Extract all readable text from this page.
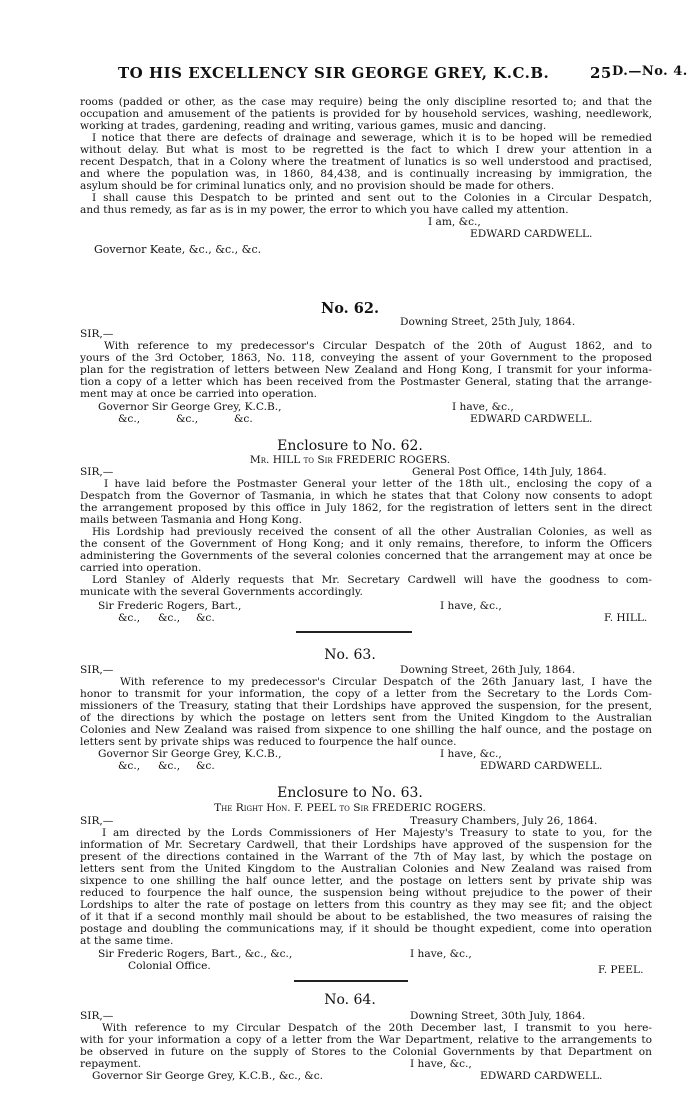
TO HIS EXCELLENCY SIR GEORGE GREY, K.C.B.	25 D.—No. 4.
rooms (padded or other, as the case may require) being the only discipline resorted to; and that the
occupation and amusement of the patients is provided for by household services, washing, needlework,
working at trades, gardening, reading and writing, various games, music and dancing.
I notice that there are defects of drainage and sewerage, which it is to be hoped will be remedied
without delay. But what is most to be regretted is the fact to which I drew your attention in a
recent Despatch, that in a Colony where the treatment of lunatics is so well understood and practised,
and where the population was, in 1860, 84,438, and is continually increasing by immigration, the
asylum should be for criminal lunatics only, and no provision should be made for others.
I shall cause this Despatch to be printed and sent out to the Colonies in a Circular Despatch,
and thus remedy, as far as is in my power, the error to which you have called my attention.
I am, &c.,
EDWARD CARDWELL.
Governor Keate, &c., &c., &c.
No. 62.
Downing Street, 25th July, 1864.
SIR,—
With reference to my predecessor's Circular Despatch of the 20th of August 1862, and to
yours of the 3rd October, 1863, No. 118, conveying the assent of your Government to the proposed
plan for the registration of letters between New Zealand and Hong Kong, I transmit for your informa-
tion a copy of a letter which has been received from the Postmaster General, stating that the arrange-
ment may at once be carried into operation.
Governor Sir George Grey, K.C.B.,	I have, &c.,
&c.,	&c.,	&c.	EDWARD CARDWELL.
Enclosure to No. 62.
Mr. HILL to Sir FREDERIC ROGERS.
SIR,—	General Post Office, 14th July, 1864.
I have laid before the Postmaster General your letter of the 18th ult., enclosing the copy of a
Despatch from the Governor of Tasmania, in which he states that that Colony now consents to adopt
the arrangement proposed by this office in July 1862, for the registration of letters sent in the direct
mails between Tasmania and Hong Kong.
His Lordship had previously received the consent of all the other Australian Colonies, as well as
the consent of the Government of Hong Kong; and it only remains, therefore, to inform the Officers
administering the Governments of the several colonies concerned that the arrangement may at once be
carried into operation.
Lord Stanley of Alderly requests that Mr. Secretary Cardwell will have the goodness to com-
municate with the several Governments accordingly.
Sir Frederic Rogers, Bart.,	I have, &c.,
&c., &c., &c.	F. HILL.
No. 63.
SIR,—	Downing Street, 26th July, 1864.
With reference to my predecessor's Circular Despatch of the 26th January last, I have the
honor to transmit for your information, the copy of a letter from the Secretary to the Lords Com-
missioners of the Treasury, stating that their Lordships have approved the suspension, for the present,
of the directions by which the postage on letters sent from the United Kingdom to the Australian
Colonies and New Zealand was raised from sixpence to one shilling the half ounce, and the postage on
letters sent by private ships was reduced to fourpence the half ounce.
Governor Sir George Grey, K.C.B.,	I have, &c.,
&c., &c., &c.	EDWARD CARDWELL.
Enclosure to No. 63.
The Right Hon. F. PEEL to Sir FREDERIC ROGERS.
SIR,—	Treasury Chambers, July 26, 1864.
I am directed by the Lords Commissioners of Her Majesty's Treasury to state to you, for the
information of Mr. Secretary Cardwell, that their Lordships have approved of the suspension for the
present of the directions contained in the Warrant of the 7th of May last, by which the postage on
letters sent from the United Kingdom to the Australian Colonies and New Zealand was raised from
sixpence to one shilling the half ounce letter, and the postage on letters sent by private ship was
reduced to fourpence the half ounce, the suspension being without prejudice to the power of their
Lordships to alter the rate of postage on letters from this country as they may see fit; and the object
of it that if a second monthly mail should be about to be established, the two measures of raising the
postage and doubling the communications may, if it should be thought expedient, come into operation
at the same time.
Sir Frederic Rogers, Bart., &c., &c.,	I have, &c.,
Colonial Office.	F. PEEL.
No. 64.
SIR,—	Downing Street, 30th July, 1864.
With reference to my Circular Despatch of the 20th December last, I transmit to you here-
with for your information a copy of a letter from the War Department, relative to the arrangements to
be observed in future on the supply of Stores to the Colonial Governments by that Department on
repayment.	I have, &c.,
Governor Sir George Grey, K.C.B., &c., &c.	EDWARD CARDWELL.
